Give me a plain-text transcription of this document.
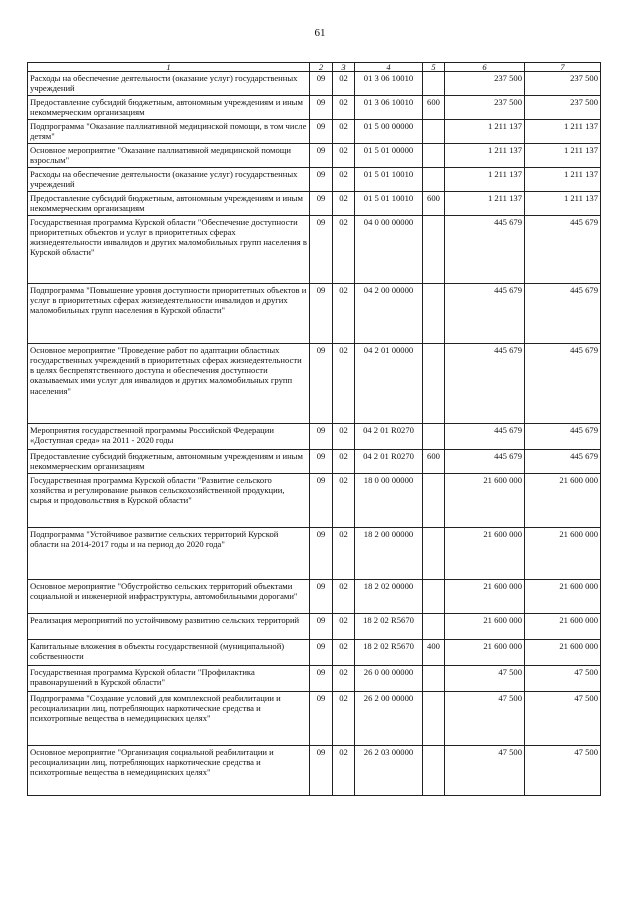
61
1	2	3	4	5	6	7
Расходы на обеспечение деятельности (оказание услуг) государственных учреждений	09	02	01 3 06 10010		237 500	237 500
Предоставление субсидий бюджетным, автономным учреждениям и иным некоммерческим организациям	09	02	01 3 06 10010	600	237 500	237 500
Подпрограмма "Оказание паллиативной медицинской помощи, в том числе детям"	09	02	01 5 00 00000		1 211 137	1 211 137
Основное мероприятие "Оказание паллиативной медицинской помощи взрослым"	09	02	01 5 01 00000		1 211 137	1 211 137
Расходы на обеспечение деятельности (оказание услуг) государственных учреждений	09	02	01 5 01 10010		1 211 137	1 211 137
Предоставление субсидий бюджетным, автономным учреждениям и иным некоммерческим организациям	09	02	01 5 01 10010	600	1 211 137	1 211 137
Государственная программа Курской области "Обеспечение доступности приоритетных объектов и услуг в приоритетных сферах жизнедеятельности инвалидов и других маломобильных групп населения в Курской области"	09	02	04 0 00 00000		445 679	445 679
Подпрограмма "Повышение уровня доступности приоритетных объектов и услуг в приоритетных сферах жизнедеятельности инвалидов и других маломобильных групп населения в Курской области"	09	02	04 2 00 00000		445 679	445 679
Основное мероприятие "Проведение работ по адаптации областных государственных учреждений в приоритетных сферах жизнедеятельности в целях беспрепятственного доступа и обеспечения доступности оказываемых ими услуг для инвалидов и других маломобильных групп населения"	09	02	04 2 01 00000		445 679	445 679
Мероприятия государственной программы Российской Федерации «Доступная среда» на 2011 - 2020 годы	09	02	04 2 01 R0270		445 679	445 679
Предоставление субсидий бюджетным, автономным учреждениям и иным некоммерческим организациям	09	02	04 2 01 R0270	600	445 679	445 679
Государственная программа Курской области "Развитие сельского хозяйства и регулирование рынков сельскохозяйственной продукции, сырья и продовольствия в Курской области"	09	02	18 0 00 00000		21 600 000	21 600 000
Подпрограмма "Устойчивое развитие сельских территорий Курской области на 2014-2017 годы и на период до 2020 года"	09	02	18 2 00 00000		21 600 000	21 600 000
Основное мероприятие "Обустройство сельских территорий объектами социальной и инженерной инфраструктуры, автомобильными дорогами"	09	02	18 2 02 00000		21 600 000	21 600 000
Реализация мероприятий по устойчивому развитию сельских территорий	09	02	18 2 02 R5670		21 600 000	21 600 000
Капитальные вложения в объекты государственной (муниципальной) собственности	09	02	18 2 02 R5670	400	21 600 000	21 600 000
Государственная программа Курской области "Профилактика правонарушений в Курской области"	09	02	26 0 00 00000		47 500	47 500
Подпрограмма "Создание условий для комплексной реабилитации и ресоциализации лиц, потребляющих наркотические средства и психотропные вещества в немедицинских целях"	09	02	26 2 00 00000		47 500	47 500
Основное мероприятие "Организация социальной реабилитации и ресоциализации лиц, потребляющих наркотические средства и психотропные вещества в немедицинских целях"	09	02	26 2 03 00000		47 500	47 500
